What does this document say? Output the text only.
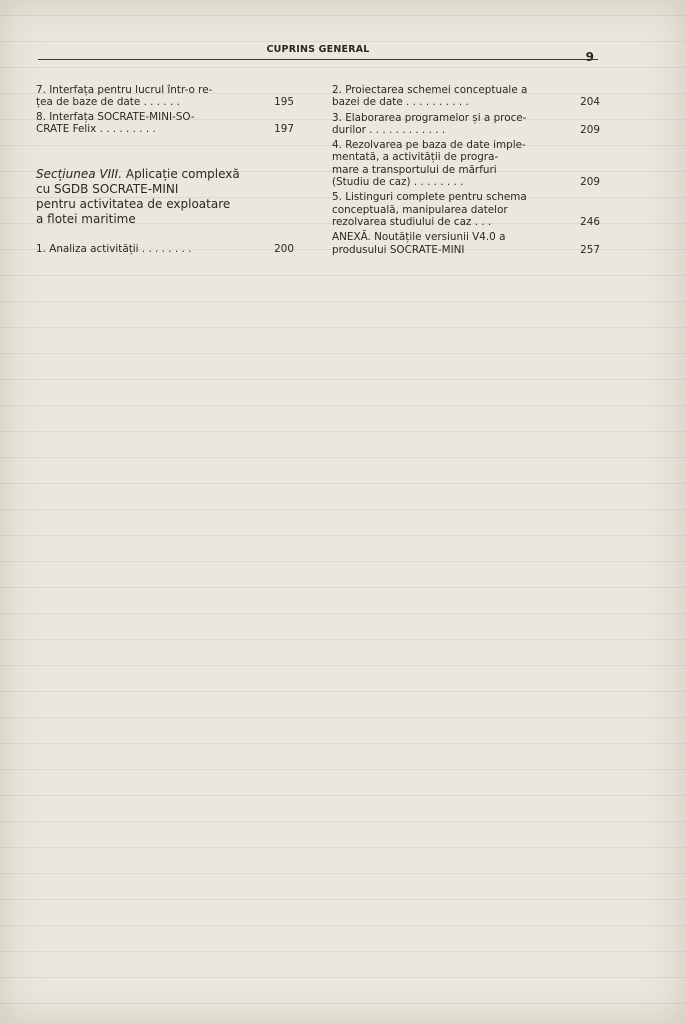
CUPRINS GENERAL
9
7. Interfața pentru lucrul într-o re-
țea de baze de date . . . . . .	195
8. Interfața SOCRATE-MINI-SO-
CRATE Felix . . . . . . . . .	197
Secțiunea VIII. Aplicație complexă
cu SGDB SOCRATE-MINI
pentru activitatea de exploatare
a flotei maritime
1. Analiza activității . . . . . . . .	200
2. Proiectarea schemei conceptuale a
bazei de date . . . . . . . . . .	204
3. Elaborarea programelor și a proce-
durilor . . . . . . . . . . . .	209
4. Rezolvarea pe baza de date imple-
mentată, a activității de progra-
mare a transportului de mărfuri
(Studiu de caz) . . . . . . . .	209
5. Listinguri complete pentru schema
conceptuală, manipularea datelor
rezolvarea studiului de caz . . .	246
ANEXĂ. Noutățile versiunii V4.0 a
produsului SOCRATE-MINI	257
